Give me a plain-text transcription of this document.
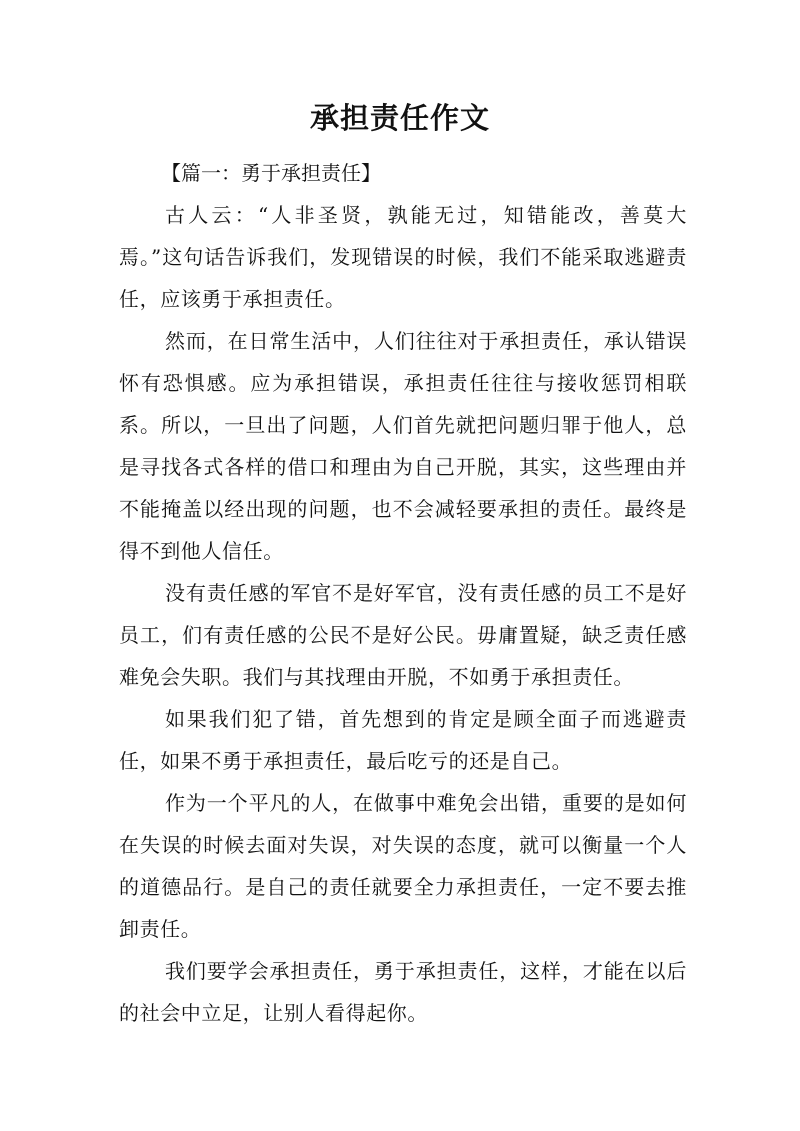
承担责任作文

【篇一：勇于承担责任】

古人云：“人非圣贤，孰能无过，知错能改，善莫大焉。”这句话告诉我们，发现错误的时候，我们不能采取逃避责任，应该勇于承担责任。

然而，在日常生活中，人们往往对于承担责任，承认错误怀有恐惧感。应为承担错误，承担责任往往与接收惩罚相联系。所以，一旦出了问题，人们首先就把问题归罪于他人，总是寻找各式各样的借口和理由为自己开脱，其实，这些理由并不能掩盖以经出现的问题，也不会减轻要承担的责任。最终是得不到他人信任。

没有责任感的军官不是好军官，没有责任感的员工不是好员工，们有责任感的公民不是好公民。毋庸置疑，缺乏责任感难免会失职。我们与其找理由开脱，不如勇于承担责任。

如果我们犯了错，首先想到的肯定是顾全面子而逃避责任，如果不勇于承担责任，最后吃亏的还是自己。

作为一个平凡的人，在做事中难免会出错，重要的是如何在失误的时候去面对失误，对失误的态度，就可以衡量一个人的道德品行。是自己的责任就要全力承担责任，一定不要去推卸责任。

我们要学会承担责任，勇于承担责任，这样，才能在以后的社会中立足，让别人看得起你。
